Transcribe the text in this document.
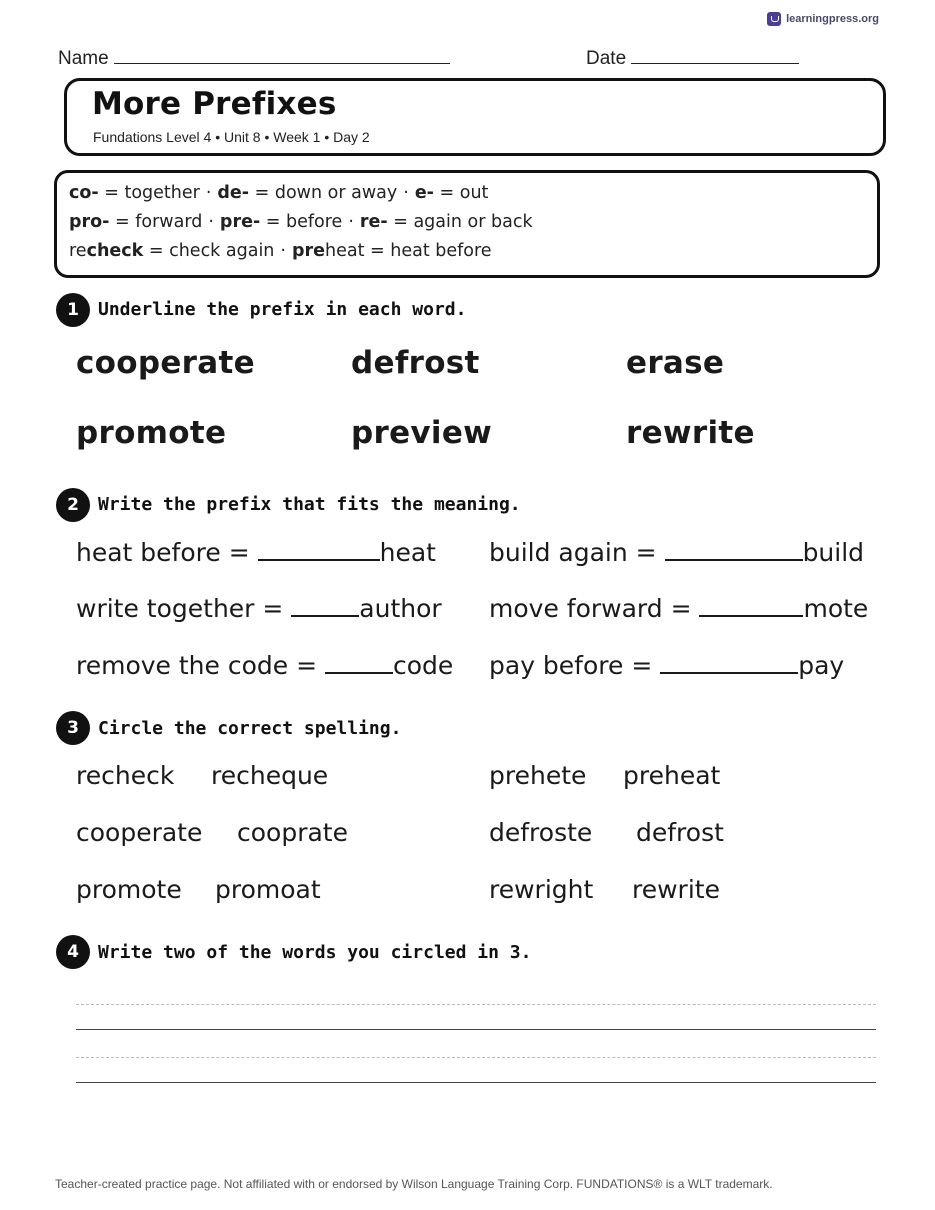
learningpress.org
Name	Date
More Prefixes
Fundations Level 4 • Unit 8 • Week 1 • Day 2
co- = together · de- = down or away · e- = out
pro- = forward · pre- = before · re- = again or back
recheck = check again · preheat = heat before
1	Underline the prefix in each word.
cooperate	defrost	erase
promote	preview	rewrite
2	Write the prefix that fits the meaning.
heat before =	heat build again =	build
write together =	author move forward =	mote
remove the code =	code pay before =	pay
3	Circle the correct spelling.
recheck recheque	prehete preheat
cooperate cooprate	defroste defrost
promote promoat	rewright rewrite
4	Write two of the words you circled in 3.
Teacher-created practice page. Not affiliated with or endorsed by Wilson Language Training Corp. FUNDATIONS® is a WLT trademark.
